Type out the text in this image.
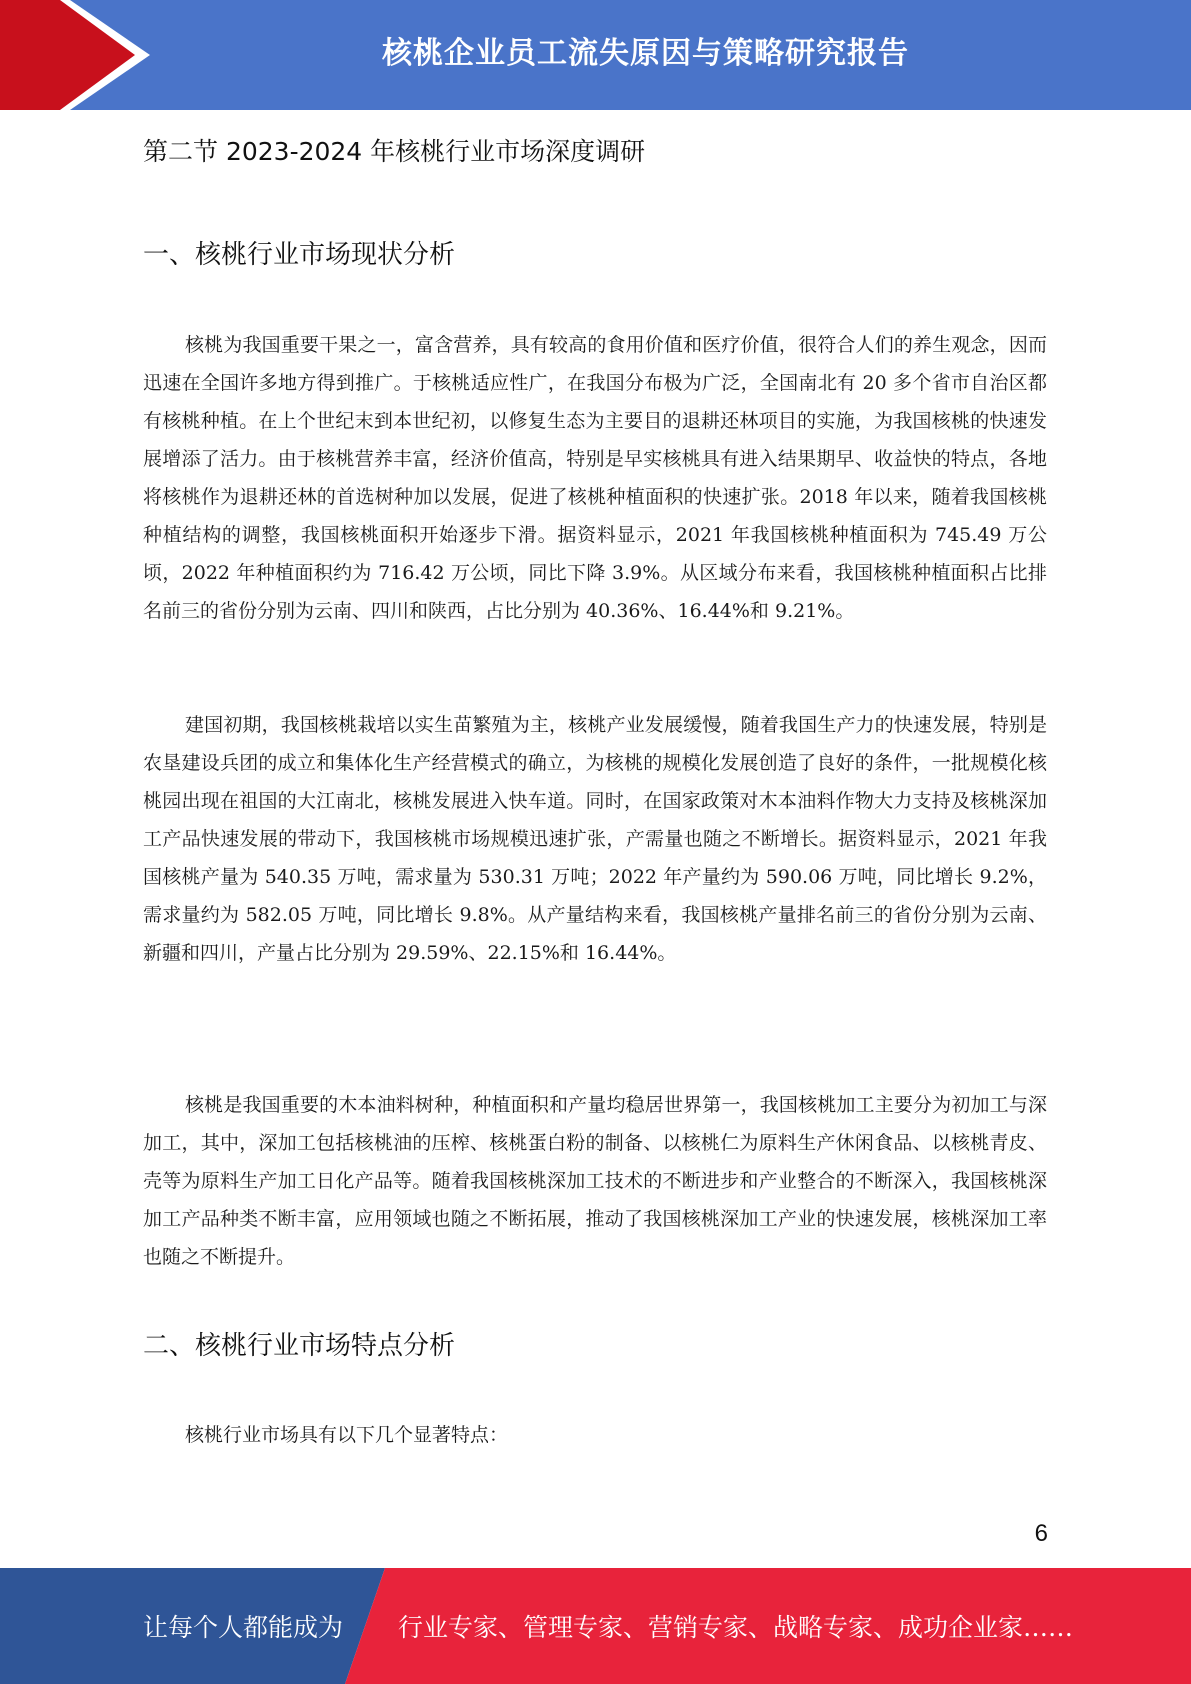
核桃企业员工流失原因与策略研究报告
第二节 2023-2024 年核桃行业市场深度调研
一、核桃行业市场现状分析

核桃为我国重要干果之一，富含营养，具有较高的食用价值和医疗价值，很符合人们的养生观念，因而迅速在全国许多地方得到推广。于核桃适应性广，在我国分布极为广泛，全国南北有 20 多个省市自治区都有核桃种植。在上个世纪末到本世纪初，以修复生态为主要目的退耕还林项目的实施，为我国核桃的快速发展增添了活力。由于核桃营养丰富，经济价值高，特别是早实核桃具有进入结果期早、收益快的特点，各地将核桃作为退耕还林的首选树种加以发展，促进了核桃种植面积的快速扩张。2018 年以来，随着我国核桃种植结构的调整，我国核桃面积开始逐步下滑。据资料显示，2021 年我国核桃种植面积为 745.49 万公顷，2022 年种植面积约为 716.42 万公顷，同比下降 3.9%。从区域分布来看，我国核桃种植面积占比排名前三的省份分别为云南、四川和陕西，占比分别为 40.36%、16.44%和 9.21%。

建国初期，我国核桃栽培以实生苗繁殖为主，核桃产业发展缓慢，随着我国生产力的快速发展，特别是农垦建设兵团的成立和集体化生产经营模式的确立，为核桃的规模化发展创造了良好的条件，一批规模化核桃园出现在祖国的大江南北，核桃发展进入快车道。同时，在国家政策对木本油料作物大力支持及核桃深加工产品快速发展的带动下，我国核桃市场规模迅速扩张，产需量也随之不断增长。据资料显示，2021 年我国核桃产量为 540.35 万吨，需求量为 530.31 万吨；2022 年产量约为 590.06 万吨，同比增长 9.2%，需求量约为 582.05 万吨，同比增长 9.8%。从产量结构来看，我国核桃产量排名前三的省份分别为云南、新疆和四川，产量占比分别为 29.59%、22.15%和 16.44%。

核桃是我国重要的木本油料树种，种植面积和产量均稳居世界第一，我国核桃加工主要分为初加工与深加工，其中，深加工包括核桃油的压榨、核桃蛋白粉的制备、以核桃仁为原料生产休闲食品、以核桃青皮、壳等为原料生产加工日化产品等。随着我国核桃深加工技术的不断进步和产业整合的不断深入，我国核桃深加工产品种类不断丰富，应用领域也随之不断拓展，推动了我国核桃深加工产业的快速发展，核桃深加工率也随之不断提升。

二、核桃行业市场特点分析

核桃行业市场具有以下几个显著特点：

6
让每个人都能成为 行业专家、管理专家、营销专家、战略专家、成功企业家……
